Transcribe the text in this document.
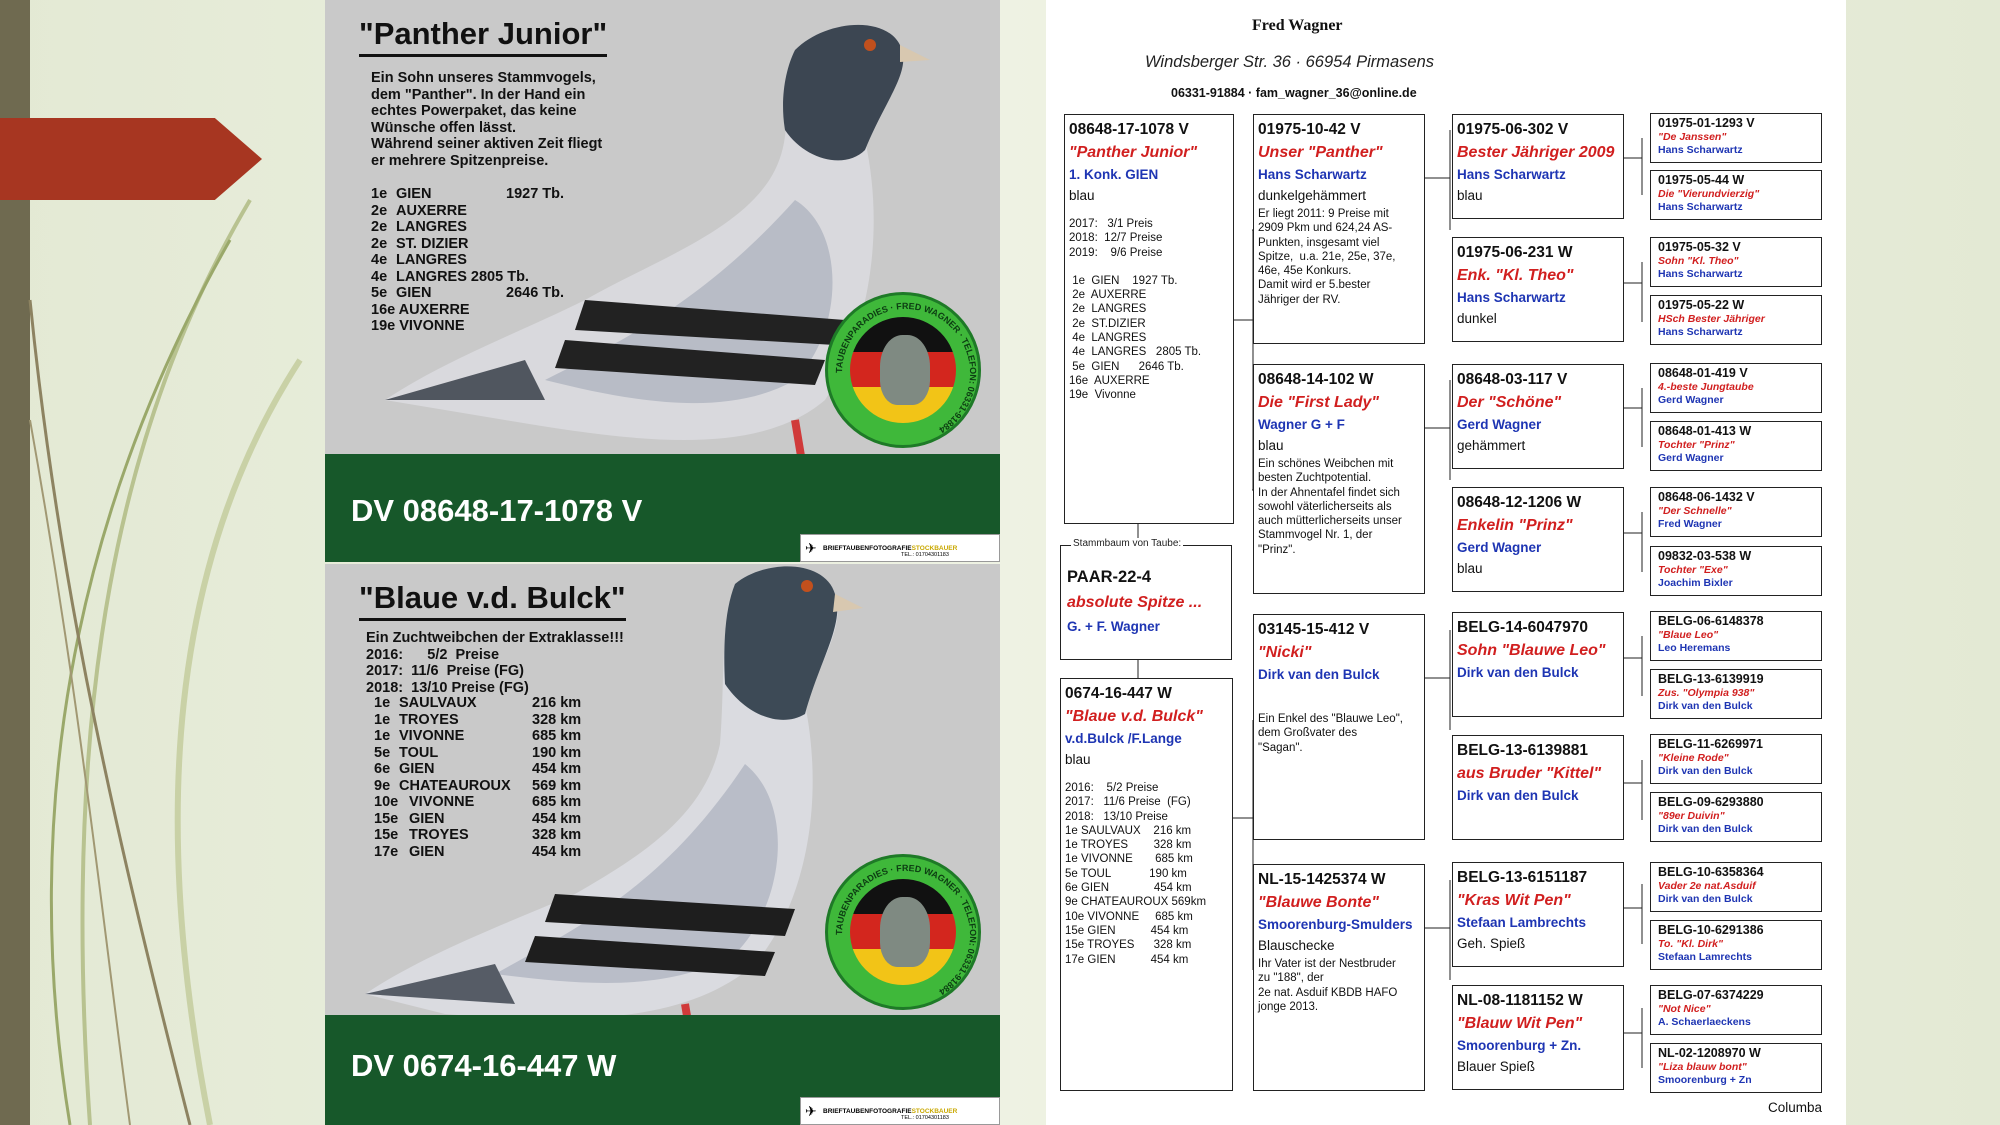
"Panther Junior"
Ein Sohn unseres Stammvogels,
dem "Panther". In der Hand ein
echtes Powerpaket, das keine
Wünsche offen lässt.
Während seiner aktiven Zeit fliegt
er mehrere Spitzenpreise.
1e GIEN	1927 Tb.
2e AUXERRE
2e LANGRES
2e ST. DIZIER
4e LANGRES
4e LANGRES 2805 Tb.
5e GIEN	2646 Tb.
16e AUXERRE
19e VIVONNE
DV 08648-17-1078 V
TAUBENPARADIES · FRED WAGNER · TELEFON: 06331-91884
✈ BRIEFTAUBENFOTOGRAFIE STOCKBAUER
TEL.: 01704301183
"Blaue v.d. Bulck"
Ein Zuchtweibchen der Extraklasse!!!
2016:      5/2  Preise
2017:  11/6  Preise (FG)
2018:  13/10 Preise (FG)
1e SAULVAUX	216 km
1e TROYES	328 km
1e VIVONNE	685 km
5e TOUL	190 km
6e GIEN	454 km
9e CHATEAUROUX	569 km
10e VIVONNE	685 km
15e GIEN	454 km
15e TROYES	328 km
17e GIEN	454 km
DV 0674-16-447 W
TAUBENPARADIES · FRED WAGNER · TELEFON: 06331-91884
✈ BRIEFTAUBENFOTOGRAFIE STOCKBAUER
TEL.: 01704301183
Fred Wagner
Windsberger Str. 36 · 66954 Pirmasens
06331-91884 · fam_wagner_36@online.de
08648-17-1078 V
"Panther Junior"
1. Konk. GIEN
blau
2017:   3/1 Preis
2018:  12/7 Preise
2019:    9/6 Preise
1e  GIEN    1927 Tb.
2e  AUXERRE
2e  LANGRES
2e  ST.DIZIER
4e  LANGRES
4e  LANGRES   2805 Tb.
5e  GIEN      2646 Tb.
16e  AUXERRE
19e  Vivonne
Stammbaum von Taube:
PAAR-22-4
absolute Spitze ...
G. + F. Wagner
0674-16-447 W
"Blaue v.d. Bulck"
v.d.Bulck /F.Lange
blau
2016:    5/2 Preise
2017:   11/6 Preise  (FG)
2018:   13/10 Preise
1e SAULVAUX    216 km
1e TROYES        328 km
1e VIVONNE       685 km
5e TOUL            190 km
6e GIEN              454 km
9e CHATEAUROUX 569km
10e VIVONNE     685 km
15e GIEN           454 km
15e TROYES      328 km
17e GIEN           454 km
01975-10-42 V
Unser "Panther"
Hans Scharwartz
dunkelgehämmert
Er liegt 2011: 9 Preise mit
2909 Pkm und 624,24 AS-
Punkten, insgesamt viel
Spitze,  u.a. 21e, 25e, 37e,
46e, 45e Konkurs.
Damit wird er 5.bester
Jähriger der RV.
08648-14-102 W
Die "First Lady"
Wagner G + F
blau
Ein schönes Weibchen mit
besten Zuchtpotential.
In der Ahnentafel findet sich
sowohl väterlicherseits als
auch mütterlicherseits unser
Stammvogel Nr. 1, der
"Prinz".
03145-15-412 V
"Nicki"
Dirk van den Bulck
Ein Enkel des "Blauwe Leo",
dem Großvater des
"Sagan".
NL-15-1425374 W
"Blauwe Bonte"
Smoorenburg-Smulders
Blauschecke
Ihr Vater ist der Nestbruder
zu "188", der
2e nat. Asduif KBDB HAFO
jonge 2013.
01975-06-302 V
Bester Jähriger 2009
Hans Scharwartz
blau
01975-06-231 W
Enk. "Kl. Theo"
Hans Scharwartz
dunkel
08648-03-117 V
Der "Schöne"
Gerd Wagner
gehämmert
08648-12-1206 W
Enkelin "Prinz"
Gerd Wagner
blau
BELG-14-6047970
Sohn "Blauwe Leo"
Dirk van den Bulck
BELG-13-6139881
aus Bruder "Kittel"
Dirk van den Bulck
BELG-13-6151187
"Kras Wit Pen"
Stefaan Lambrechts
Geh. Spieß
NL-08-1181152 W
"Blauw Wit Pen"
Smoorenburg + Zn.
Blauer Spieß
01975-01-1293 V
"De Janssen"
Hans Scharwartz
01975-05-44 W
Die "Vierundvierzig"
Hans Scharwartz
01975-05-32 V
Sohn "Kl. Theo"
Hans Scharwartz
01975-05-22 W
HSch Bester Jähriger
Hans Scharwartz
08648-01-419 V
4.-beste Jungtaube
Gerd Wagner
08648-01-413 W
Tochter "Prinz"
Gerd Wagner
08648-06-1432 V
"Der Schnelle"
Fred Wagner
09832-03-538 W
Tochter "Exe"
Joachim Bixler
BELG-06-6148378
"Blaue Leo"
Leo Heremans
BELG-13-6139919
Zus. "Olympia 938"
Dirk van den Bulck
BELG-11-6269971
"Kleine Rode"
Dirk van den Bulck
BELG-09-6293880
"89er Duivin"
Dirk van den Bulck
BELG-10-6358364
Vader 2e nat.Asduif
Dirk van den Bulck
BELG-10-6291386
To. "Kl. Dirk"
Stefaan Lamrechts
BELG-07-6374229
"Not Nice"
A. Schaerlaeckens
NL-02-1208970 W
"Liza blauw bont"
Smoorenburg + Zn
Columba
